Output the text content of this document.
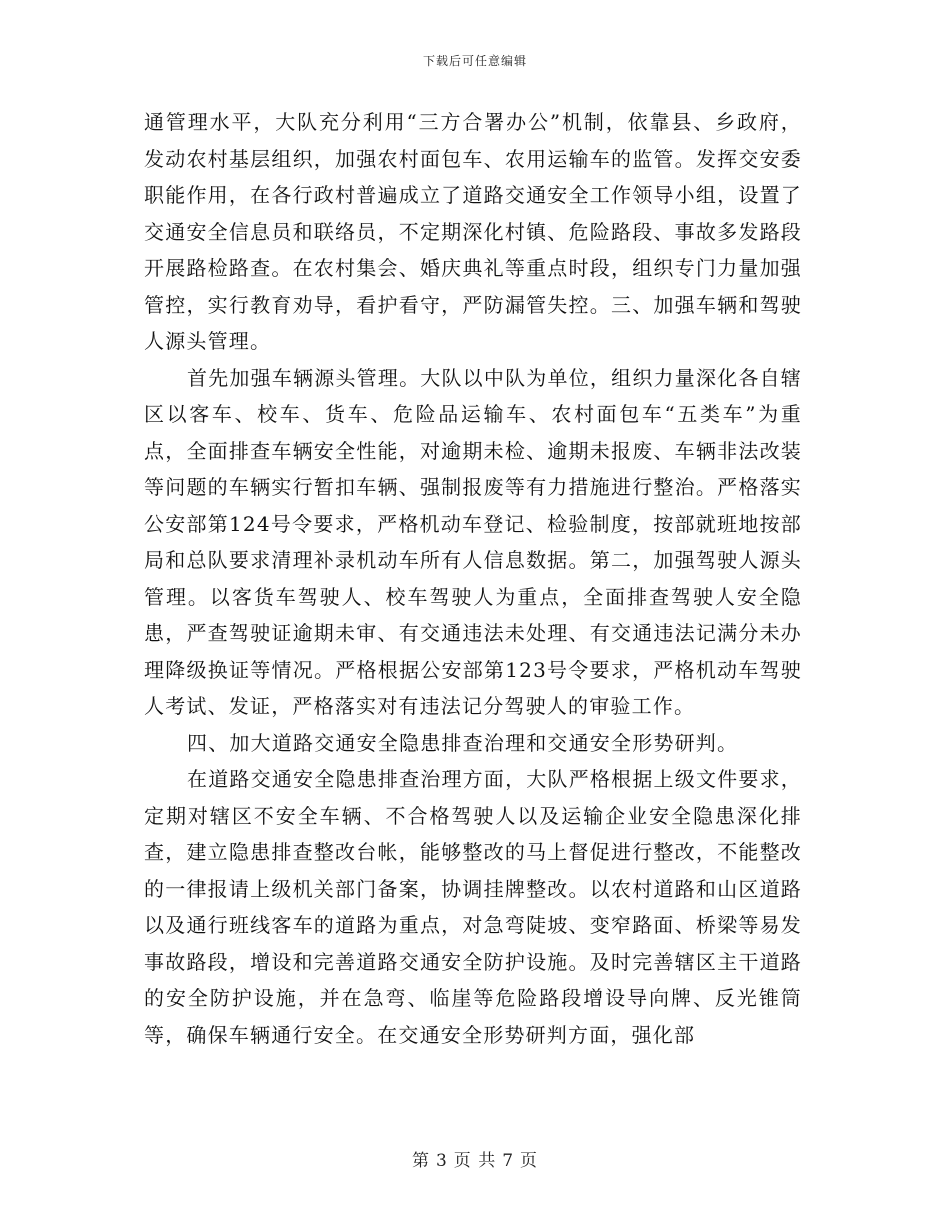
下载后可任意编辑

通管理水平，大队充分利用“三方合署办公”机制，依靠县、乡政府，发动农村基层组织，加强农村面包车、农用运输车的监管。发挥交安委职能作用，在各行政村普遍成立了道路交通安全工作领导小组，设置了交通安全信息员和联络员，不定期深化村镇、危险路段、事故多发路段开展路检路查。在农村集会、婚庆典礼等重点时段，组织专门力量加强管控，实行教育劝导，看护看守，严防漏管失控。三、加强车辆和驾驶人源头管理。

首先加强车辆源头管理。大队以中队为单位，组织力量深化各自辖区以客车、校车、货车、危险品运输车、农村面包车“五类车”为重点，全面排查车辆安全性能，对逾期未检、逾期未报废、车辆非法改装等问题的车辆实行暂扣车辆、强制报废等有力措施进行整治。严格落实公安部第124号令要求，严格机动车登记、检验制度，按部就班地按部局和总队要求清理补录机动车所有人信息数据。第二，加强驾驶人源头管理。以客货车驾驶人、校车驾驶人为重点，全面排查驾驶人安全隐患，严查驾驶证逾期未审、有交通违法未处理、有交通违法记满分未办理降级换证等情况。严格根据公安部第123号令要求，严格机动车驾驶人考试、发证，严格落实对有违法记分驾驶人的审验工作。

四、加大道路交通安全隐患排查治理和交通安全形势研判。

在道路交通安全隐患排查治理方面，大队严格根据上级文件要求，定期对辖区不安全车辆、不合格驾驶人以及运输企业安全隐患深化排查，建立隐患排查整改台帐，能够整改的马上督促进行整改，不能整改的一律报请上级机关部门备案，协调挂牌整改。以农村道路和山区道路以及通行班线客车的道路为重点，对急弯陡坡、变窄路面、桥梁等易发事故路段，增设和完善道路交通安全防护设施。及时完善辖区主干道路的安全防护设施，并在急弯、临崖等危险路段增设导向牌、反光锥筒等，确保车辆通行安全。在交通安全形势研判方面，强化部

第 3 页 共 7 页
